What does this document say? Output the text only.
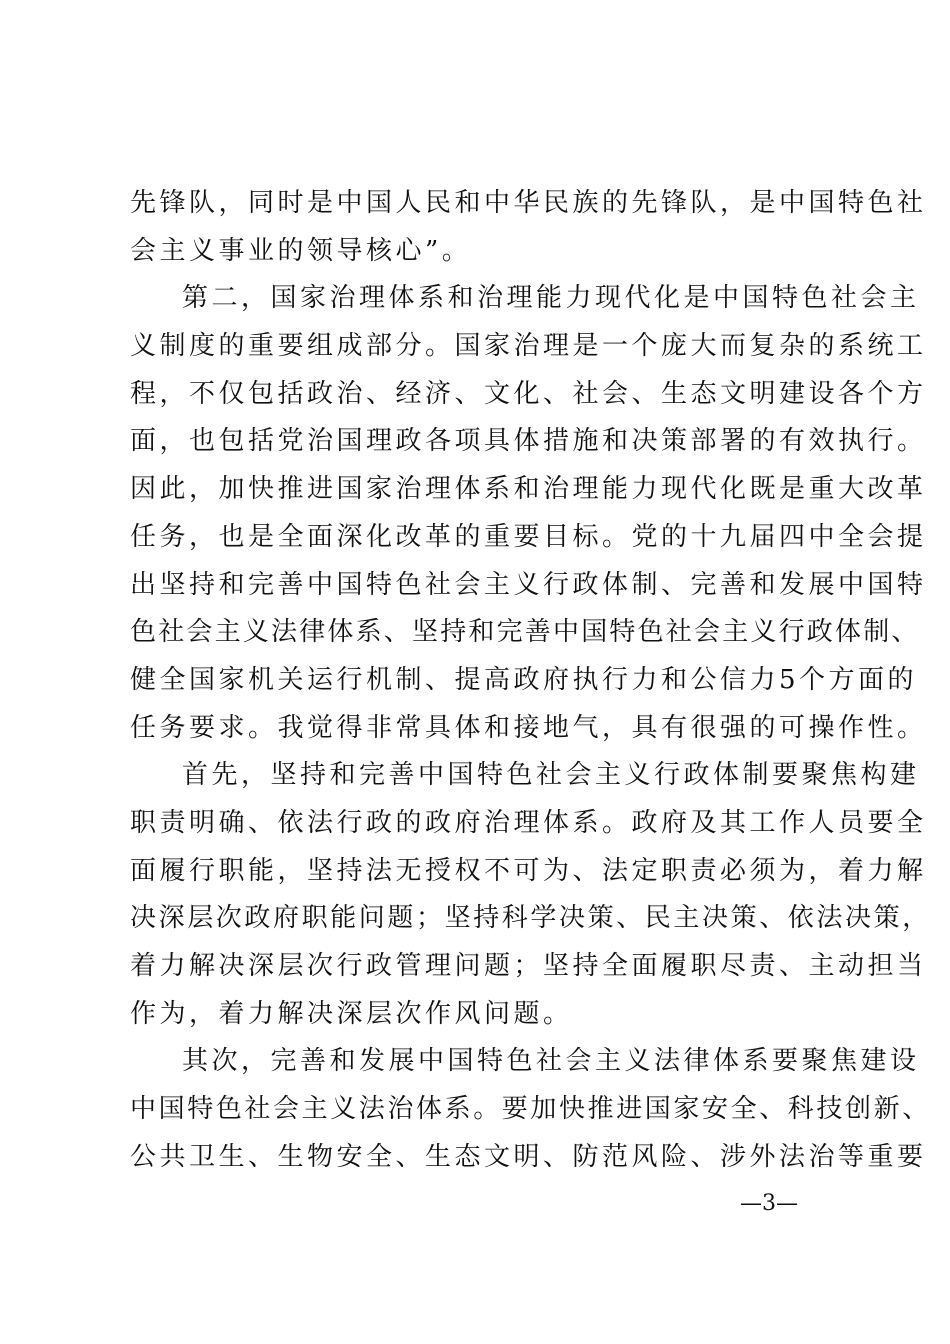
先锋队，同时是中国人民和中华民族的先锋队，是中国特色社
会主义事业的领导核心”。
第二，国家治理体系和治理能力现代化是中国特色社会主
义制度的重要组成部分。国家治理是一个庞大而复杂的系统工
程，不仅包括政治、经济、文化、社会、生态文明建设各个方
面，也包括党治国理政各项具体措施和决策部署的有效执行。
因此，加快推进国家治理体系和治理能力现代化既是重大改革
任务，也是全面深化改革的重要目标。党的十九届四中全会提
出坚持和完善中国特色社会主义行政体制、完善和发展中国特
色社会主义法律体系、坚持和完善中国特色社会主义行政体制、
健全国家机关运行机制、提高政府执行力和公信力5个方面的
任务要求。我觉得非常具体和接地气，具有很强的可操作性。
首先，坚持和完善中国特色社会主义行政体制要聚焦构建
职责明确、依法行政的政府治理体系。政府及其工作人员要全
面履行职能，坚持法无授权不可为、法定职责必须为，着力解
决深层次政府职能问题；坚持科学决策、民主决策、依法决策，
着力解决深层次行政管理问题；坚持全面履职尽责、主动担当
作为，着力解决深层次作风问题。
其次，完善和发展中国特色社会主义法律体系要聚焦建设
中国特色社会主义法治体系。要加快推进国家安全、科技创新、
公共卫生、生物安全、生态文明、防范风险、涉外法治等重要
—3—
